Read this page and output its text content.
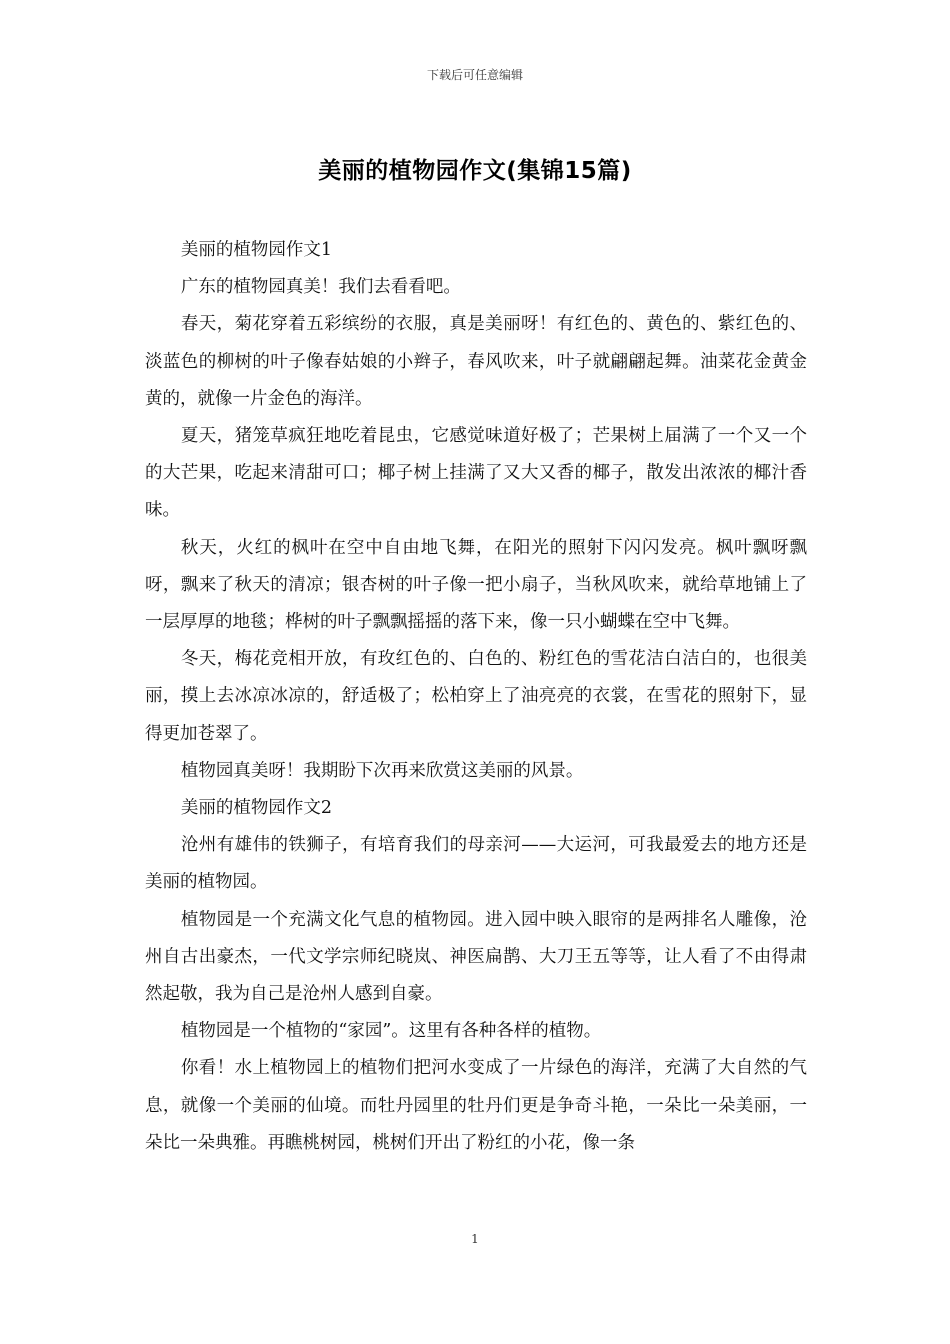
下载后可任意编辑
美丽的植物园作文(集锦15篇)

美丽的植物园作文1

广东的植物园真美！我们去看看吧。

春天，菊花穿着五彩缤纷的衣服，真是美丽呀！有红色的、黄色的、紫红色的、淡蓝色的柳树的叶子像春姑娘的小辫子，春风吹来，叶子就翩翩起舞。油菜花金黄金黄的，就像一片金色的海洋。

夏天，猪笼草疯狂地吃着昆虫，它感觉味道好极了；芒果树上届满了一个又一个的大芒果，吃起来清甜可口；椰子树上挂满了又大又香的椰子，散发出浓浓的椰汁香味。

秋天，火红的枫叶在空中自由地飞舞，在阳光的照射下闪闪发亮。枫叶飘呀飘呀，飘来了秋天的清凉；银杏树的叶子像一把小扇子，当秋风吹来，就给草地铺上了一层厚厚的地毯；桦树的叶子飘飘摇摇的落下来，像一只小蝴蝶在空中飞舞。

冬天，梅花竞相开放，有玫红色的、白色的、粉红色的雪花洁白洁白的，也很美丽，摸上去冰凉冰凉的，舒适极了；松柏穿上了油亮亮的衣裳，在雪花的照射下，显得更加苍翠了。

植物园真美呀！我期盼下次再来欣赏这美丽的风景。

美丽的植物园作文2

沧州有雄伟的铁狮子，有培育我们的母亲河——大运河，可我最爱去的地方还是美丽的植物园。

植物园是一个充满文化气息的植物园。进入园中映入眼帘的是两排名人雕像，沧州自古出豪杰，一代文学宗师纪晓岚、神医扁鹊、大刀王五等等，让人看了不由得肃然起敬，我为自己是沧州人感到自豪。

植物园是一个植物的“家园”。这里有各种各样的植物。

你看！水上植物园上的植物们把河水变成了一片绿色的海洋，充满了大自然的气息，就像一个美丽的仙境。而牡丹园里的牡丹们更是争奇斗艳，一朵比一朵美丽，一朵比一朵典雅。再瞧桃树园，桃树们开出了粉红的小花，像一条

1
